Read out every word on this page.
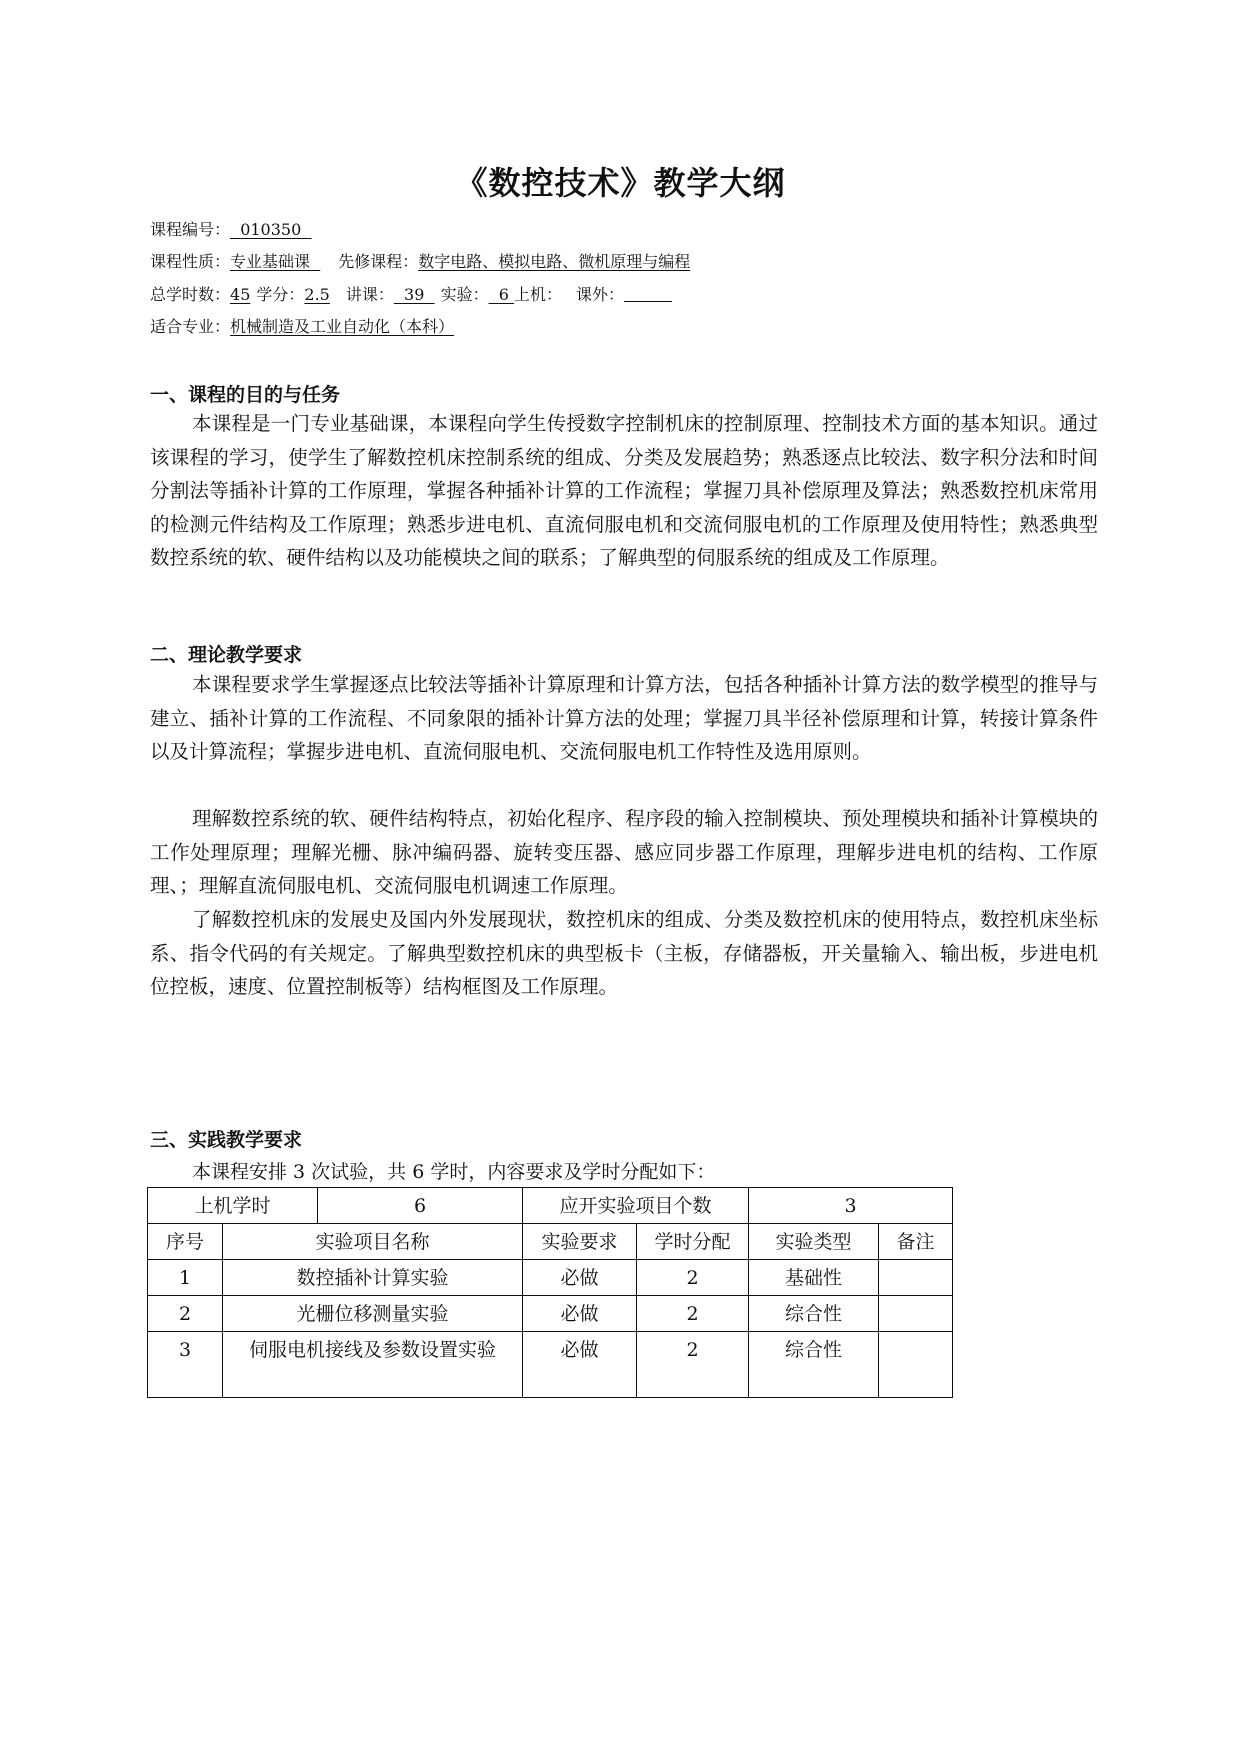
《数控技术》教学大纲
课程编号： 010350
课程性质：专业基础课 先修课程：数字电路、模拟电路、微机原理与编程
总学时数：45 学分：2.5 讲课： 39 实验： 6 上机： 课外：
适合专业：机械制造及工业自动化（本科）
一、课程的目的与任务

本课程是一门专业基础课，本课程向学生传授数字控制机床的控制原理、控制技术方面的基本知识。通过该课程的学习，使学生了解数控机床控制系统的组成、分类及发展趋势；熟悉逐点比较法、数字积分法和时间分割法等插补计算的工作原理，掌握各种插补计算的工作流程；掌握刀具补偿原理及算法；熟悉数控机床常用的检测元件结构及工作原理；熟悉步进电机、直流伺服电机和交流伺服电机的工作原理及使用特性；熟悉典型数控系统的软、硬件结构以及功能模块之间的联系；了解典型的伺服系统的组成及工作原理。

二、理论教学要求

本课程要求学生掌握逐点比较法等插补计算原理和计算方法，包括各种插补计算方法的数学模型的推导与建立、插补计算的工作流程、不同象限的插补计算方法的处理；掌握刀具半径补偿原理和计算，转接计算条件以及计算流程；掌握步进电机、直流伺服电机、交流伺服电机工作特性及选用原则。

理解数控系统的软、硬件结构特点，初始化程序、程序段的输入控制模块、预处理模块和插补计算模块的工作处理原理；理解光栅、脉冲编码器、旋转变压器、感应同步器工作原理，理解步进电机的结构、工作原理、；理解直流伺服电机、交流伺服电机调速工作原理。

了解数控机床的发展史及国内外发展现状，数控机床的组成、分类及数控机床的使用特点，数控机床坐标系、指令代码的有关规定。了解典型数控机床的典型板卡（主板，存储器板，开关量输入、输出板，步进电机位控板，速度、位置控制板等）结构框图及工作原理。

三、实践教学要求
本课程安排 3 次试验，共 6 学时，内容要求及学时分配如下：
上机学时		6	应开实验项目个数		3	
序号	实验项目名称		实验要求	学时分配	实验类型	备注
1	数控插补计算实验		必做	2	基础性	
2	光栅位移测量实验		必做	2	综合性	
3	伺服电机接线及参数设置实验		必做	2	综合性	
